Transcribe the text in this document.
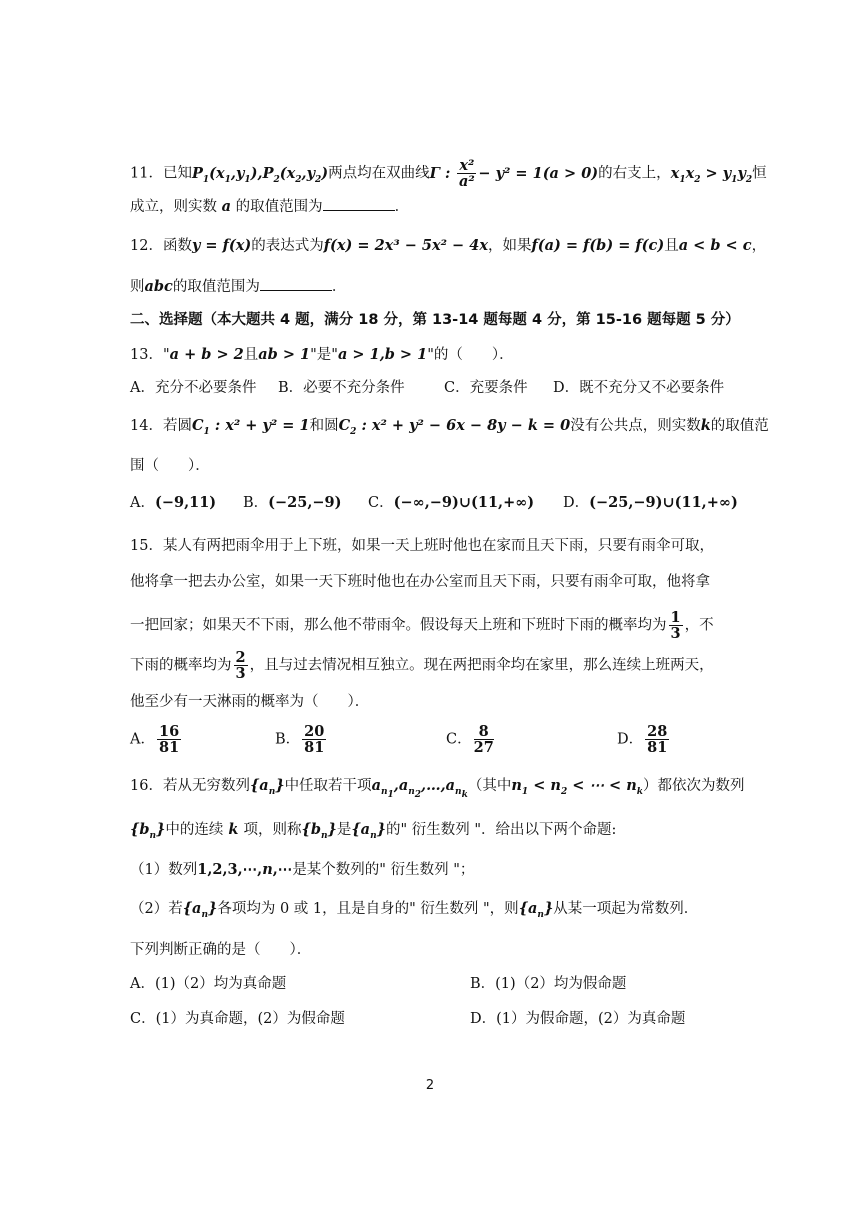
11．已知$P_1(x_1,y_1),P_2(x_2,y_2)$两点均在双曲线Γ : $\frac{\text{x²}}{\text{a²}} - y^2 = 1(a > 0)$的右支上，$x_1x_2 > y_1y_2$恒
成立，则实数 a 的取值范围为	．
12．函数y = f(x)的表达式为f(x) = 2x³ − 5x² − 4x，如果f(a) = f(b) = f(c)且a < b < c，
则abc的取值范围为	．
二、选择题（本大题共 4 题，满分 18 分，第 13-14 题每题 4 分，第 15-16 题每题 5 分）
13．"a + b > 2且ab > 1"是"a > 1,b > 1"的（　　）．
A．充分不必要条件 B．必要不充分条件	C．充要条件 D．既不充分又不必要条件
14．若圆$C_1$ : x² + y² = 1和圆$C_2$ : x² + y² − 6x − 8y − k = 0没有公共点，则实数k的取值范
围（　　）．
A．(−9,11) B．(−25,−9) C．(−∞,−9)∪(11,+∞) D．(−25,−9)∪(11,+∞)
15．某人有两把雨伞用于上下班，如果一天上班时他也在家而且天下雨，只要有雨伞可取，
他将拿一把去办公室，如果一天下班时他也在办公室而且天下雨，只要有雨伞可取，他将拿
一把回家；如果天不下雨，那么他不带雨伞。假设每天上班和下班时下雨的概率均为 $\frac{1}{3}$ ，不
下雨的概率均为 $\frac{2}{3}$ ，且与过去情况相互独立。现在两把雨伞均在家里，那么连续上班两天，
他至少有一天淋雨的概率为（　　）．
A． $\frac{16}{81}$	B． $\frac{20}{81}$	C． $\frac{8}{27}$	D． $\frac{28}{81}$
16．若从无穷数列$\{a_n\}$中任取若干项$a_{n_1},a_{n_2},\dots,a_{n_k}$（其中$n_1 < n_2$ < ⋯ < $n_k$）都依次为数列
$\{b_n\}$中的连续 k 项，则称$\{b_n\}$是$\{a_n\}$的" 衍生数列 "．给出以下两个命题:
（1）数列1,2,3,⋯,n,⋯是某个数列的" 衍生数列 "；
（2）若$\{a_n\}$各项均为 0 或 1，且是自身的" 衍生数列 "，则$\{a_n\}$从某一项起为常数列．
下列判断正确的是（　　）．
A．(1)（2）均为真命题	B．(1)（2）均为假命题
C．(1）为真命题，(2）为假命题	D．(1）为假命题，(2）为真命题
2
